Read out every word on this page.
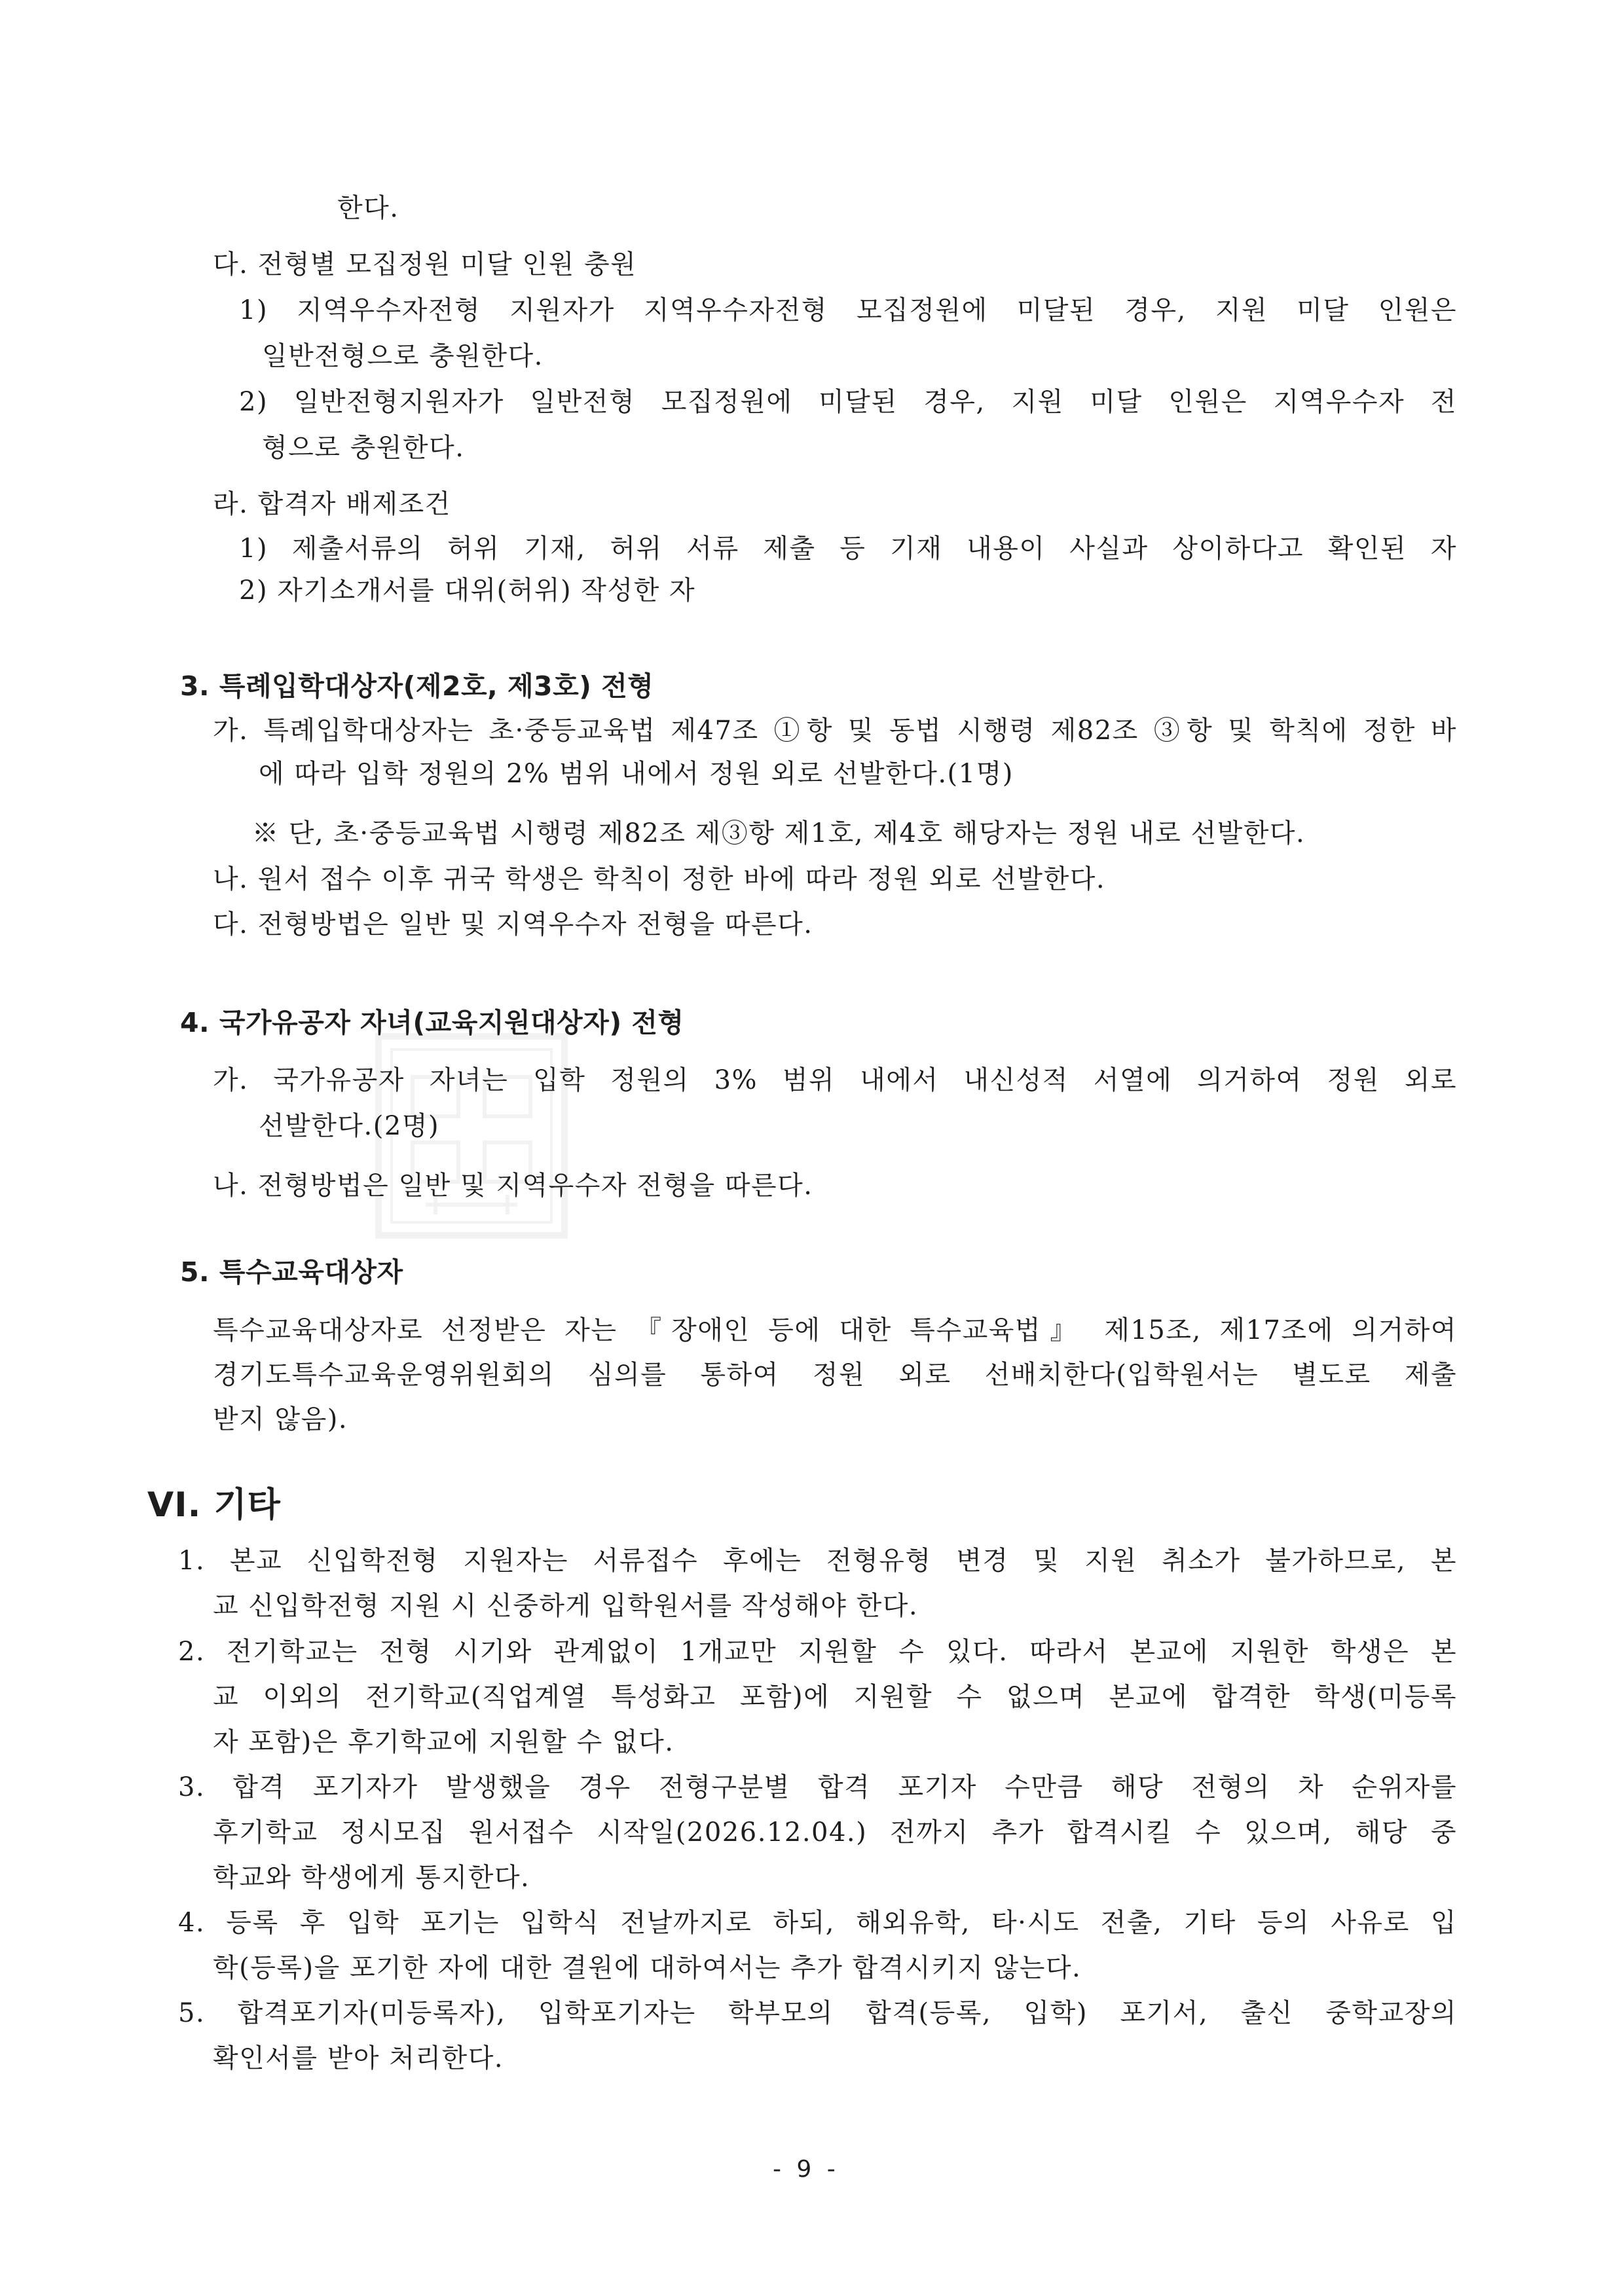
한다.

다. 전형별 모집정원 미달 인원 충원

1) 지역우수자전형 지원자가 지역우수자전형 모집정원에 미달된 경우, 지원 미달 인원은

일반전형으로 충원한다.

2) 일반전형지원자가 일반전형 모집정원에 미달된 경우, 지원 미달 인원은 지역우수자 전

형으로 충원한다.

라. 합격자 배제조건

1) 제출서류의 허위 기재, 허위 서류 제출 등 기재 내용이 사실과 상이하다고 확인된 자

2) 자기소개서를 대위(허위) 작성한 자

3. 특례입학대상자(제2호, 제3호) 전형

가. 특례입학대상자는 초·중등교육법 제47조 ①항 및 동법 시행령 제82조 ③항 및 학칙에 정한 바

에 따라 입학 정원의 2% 범위 내에서 정원 외로 선발한다.(1명)

※ 단, 초·중등교육법 시행령 제82조 제③항 제1호, 제4호 해당자는 정원 내로 선발한다.

나. 원서 접수 이후 귀국 학생은 학칙이 정한 바에 따라 정원 외로 선발한다.

다. 전형방법은 일반 및 지역우수자 전형을 따른다.

4. 국가유공자 자녀(교육지원대상자) 전형

가. 국가유공자 자녀는 입학 정원의 3% 범위 내에서 내신성적 서열에 의거하여 정원 외로

선발한다.(2명)

나. 전형방법은 일반 및 지역우수자 전형을 따른다.

5. 특수교육대상자

특수교육대상자로 선정받은 자는 『장애인 등에 대한 특수교육법』 제15조, 제17조에 의거하여

경기도특수교육운영위원회의 심의를 통하여 정원 외로 선배치한다(입학원서는 별도로 제출

받지 않음).

VI. 기타

1. 본교 신입학전형 지원자는 서류접수 후에는 전형유형 변경 및 지원 취소가 불가하므로, 본

교 신입학전형 지원 시 신중하게 입학원서를 작성해야 한다.

2. 전기학교는 전형 시기와 관계없이 1개교만 지원할 수 있다. 따라서 본교에 지원한 학생은 본

교 이외의 전기학교(직업계열 특성화고 포함)에 지원할 수 없으며 본교에 합격한 학생(미등록

자 포함)은 후기학교에 지원할 수 없다.

3. 합격 포기자가 발생했을 경우 전형구분별 합격 포기자 수만큼 해당 전형의 차 순위자를

후기학교 정시모집 원서접수 시작일(2026.12.04.) 전까지 추가 합격시킬 수 있으며, 해당 중

학교와 학생에게 통지한다.

4. 등록 후 입학 포기는 입학식 전날까지로 하되, 해외유학, 타·시도 전출, 기타 등의 사유로 입

학(등록)을 포기한 자에 대한 결원에 대하여서는 추가 합격시키지 않는다.

5. 합격포기자(미등록자), 입학포기자는 학부모의 합격(등록, 입학) 포기서, 출신 중학교장의

확인서를 받아 처리한다.

- 9 -
